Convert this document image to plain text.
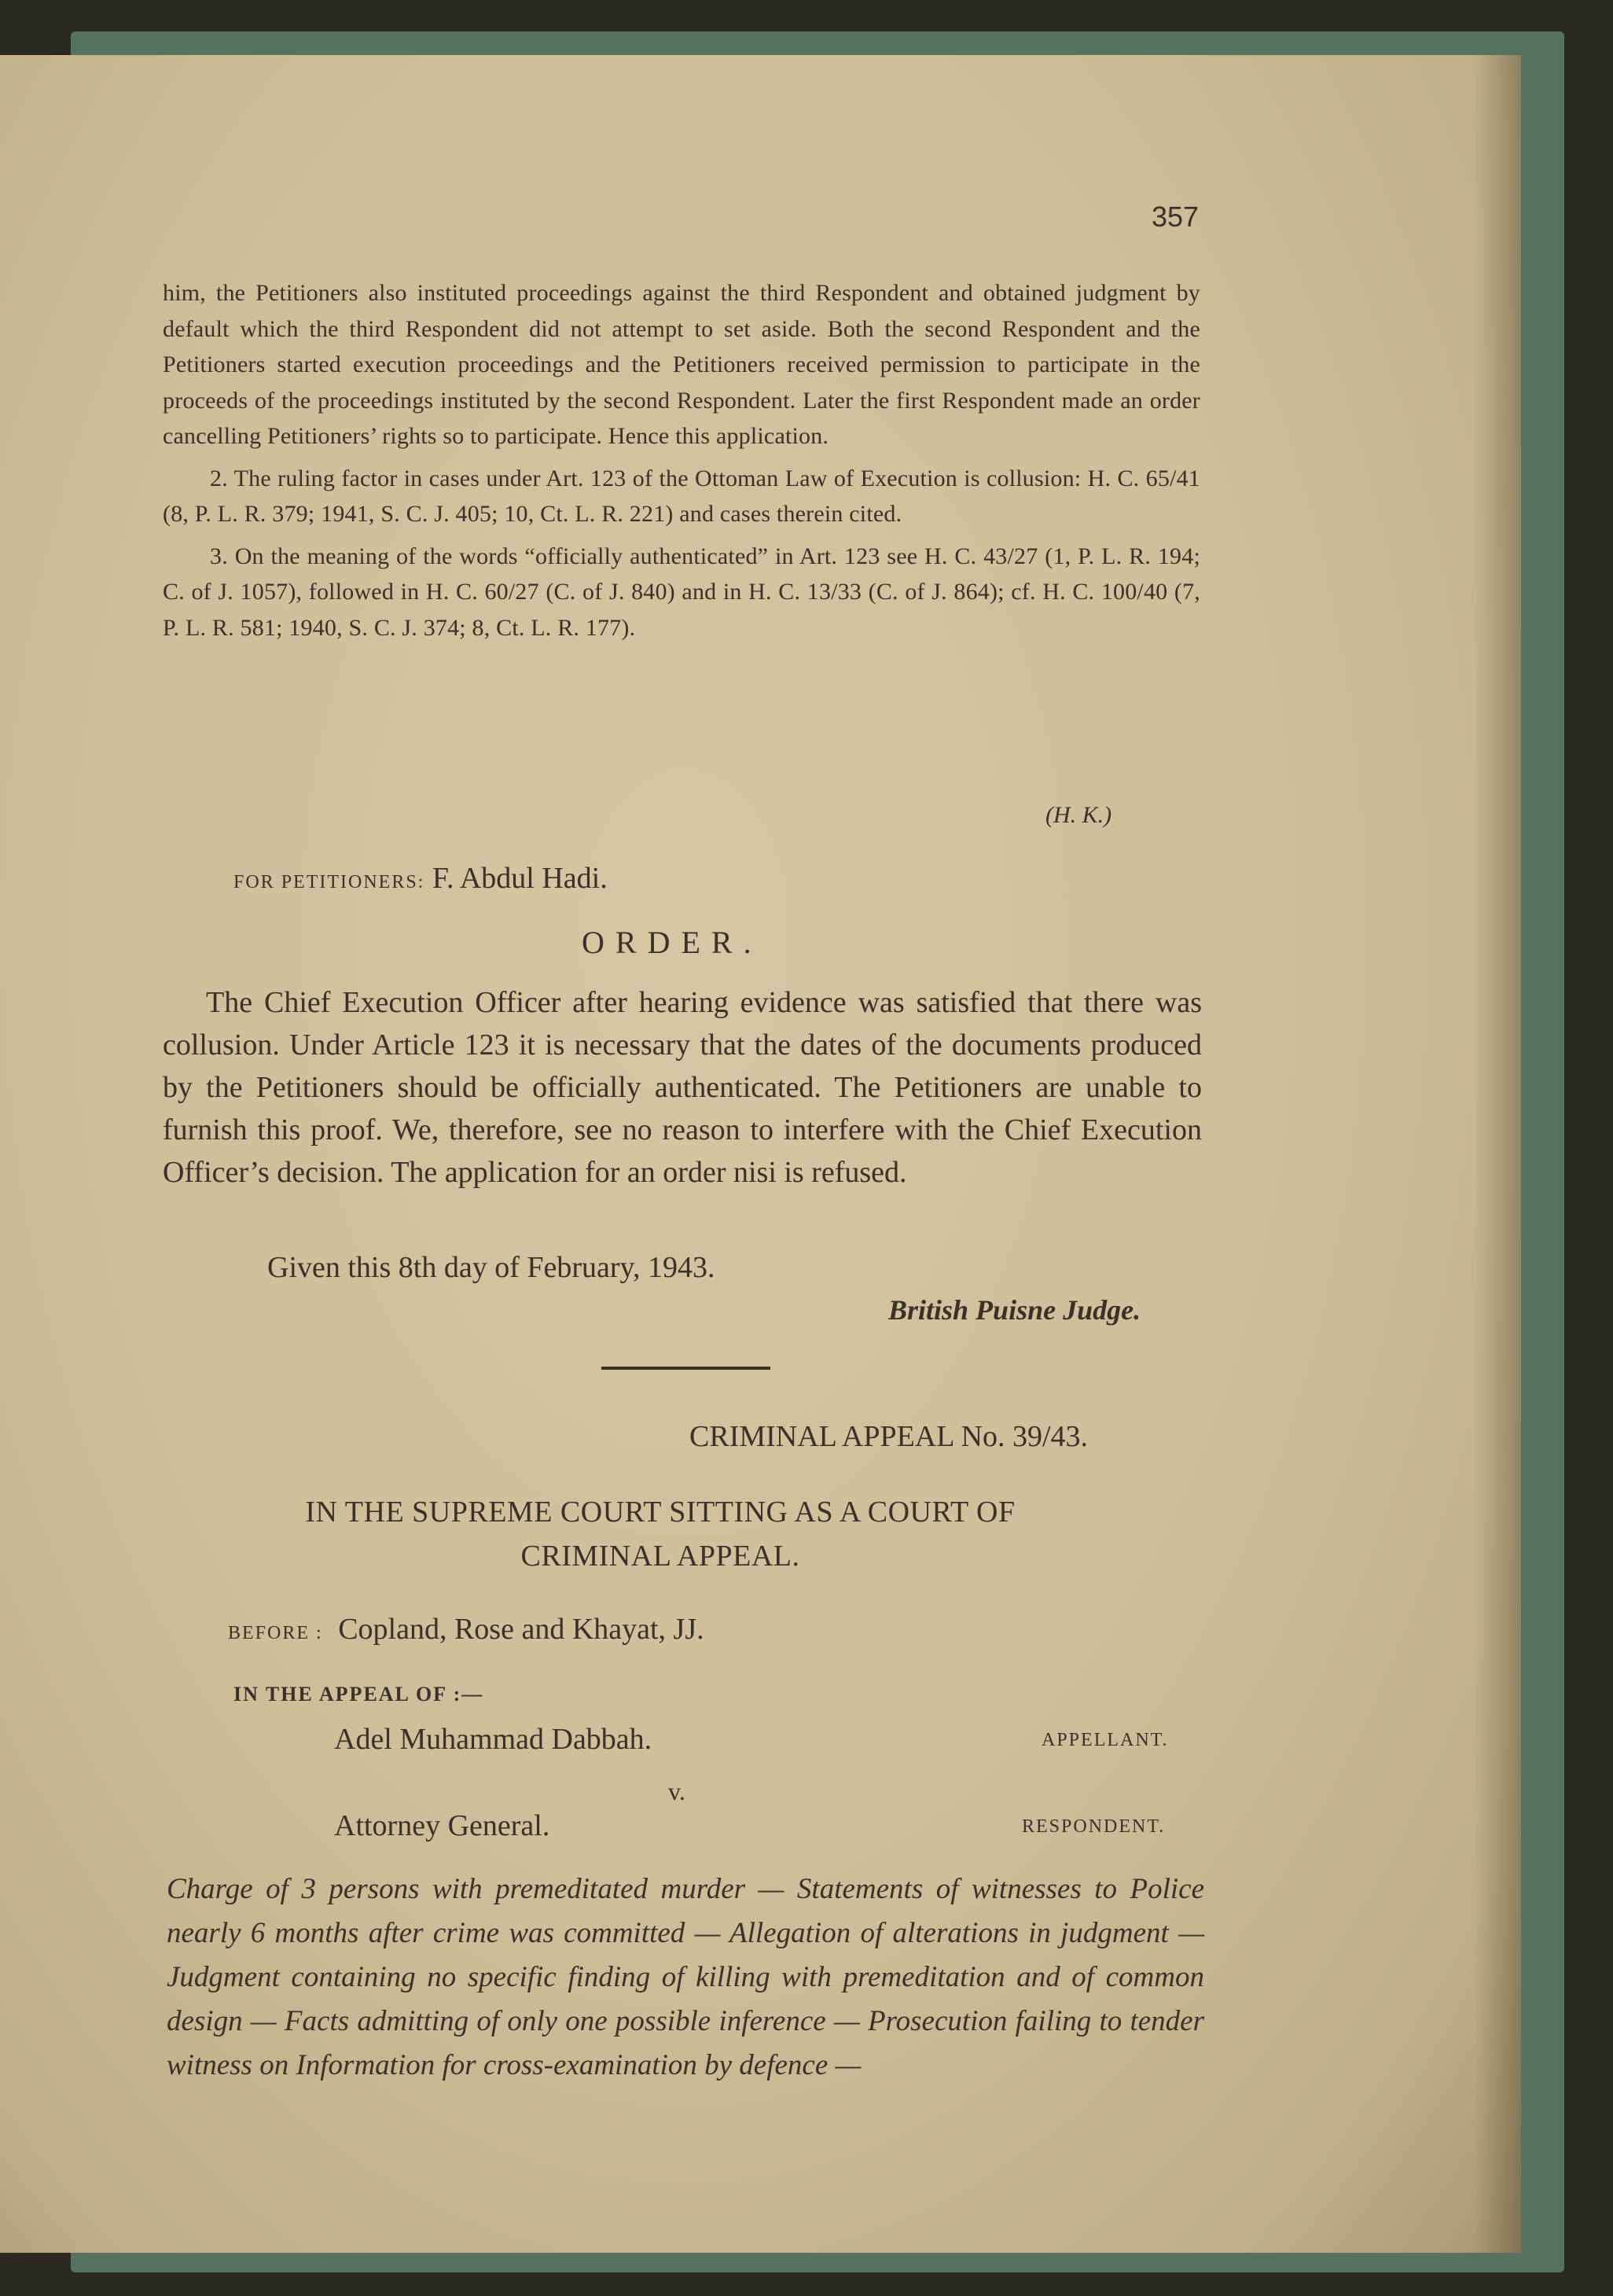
357

him, the Petitioners also instituted proceedings against the third Respondent and obtained judgment by default which the third Respondent did not attempt to set aside. Both the second Respondent and the Petitioners started execution proceedings and the Petitioners received permission to participate in the proceeds of the proceedings instituted by the second Respondent. Later the first Respondent made an order cancelling Petitioners’ rights so to participate. Hence this application.

2. The ruling factor in cases under Art. 123 of the Ottoman Law of Execution is collusion: H. C. 65/41 (8, P. L. R. 379; 1941, S. C. J. 405; 10, Ct. L. R. 221) and cases therein cited.

3. On the meaning of the words “officially authenticated” in Art. 123 see H. C. 43/27 (1, P. L. R. 194; C. of J. 1057), followed in H. C. 60/27 (C. of J. 840) and in H. C. 13/33 (C. of J. 864); cf. H. C. 100/40 (7, P. L. R. 581; 1940, S. C. J. 374; 8, Ct. L. R. 177).

(H. K.)
FOR PETITIONERS: F. Abdul Hadi.
ORDER.

The Chief Execution Officer after hearing evidence was satisfied that there was collusion. Under Article 123 it is necessary that the dates of the documents produced by the Petitioners should be officially authenticated. The Petitioners are unable to furnish this proof. We, therefore, see no reason to interfere with the Chief Execution Officer’s decision. The application for an order nisi is refused.

Given this 8th day of February, 1943.
British Puisne Judge.
CRIMINAL APPEAL No. 39/43.
IN THE SUPREME COURT SITTING AS A COURT OF
CRIMINAL APPEAL.
BEFORE : Copland, Rose and Khayat, JJ.
IN THE APPEAL OF :—
Adel Muhammad Dabbah.	APPELLANT.
v.
Attorney General.	RESPONDENT.

Charge of 3 persons with premeditated murder — Statements of witnesses to Police nearly 6 months after crime was committed — Allegation of alterations in judgment — Judgment containing no specific finding of killing with premeditation and of common design — Facts admitting of only one possible inference — Prosecution failing to tender witness on Information for cross-examination by defence —
